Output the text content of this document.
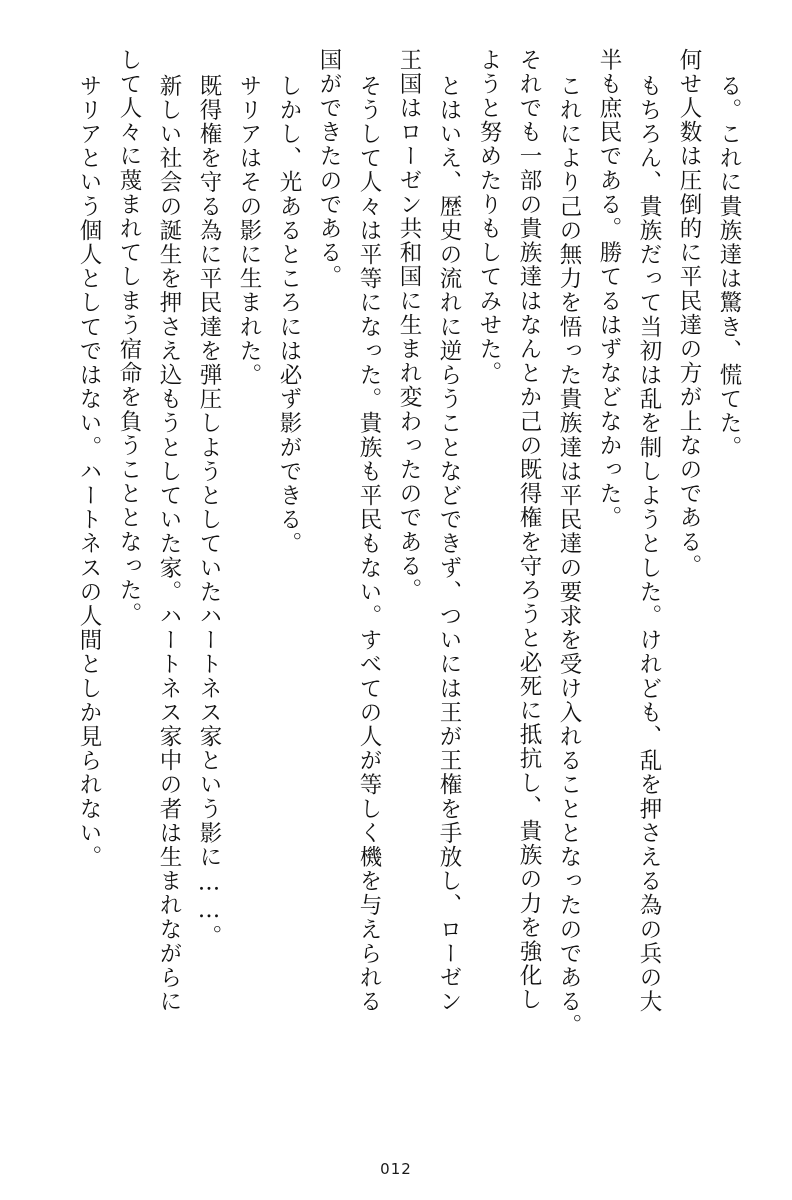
る。これに貴族達は驚き、慌てた。
何せ人数は圧倒的に平民達の方が上なのである。
もちろん、貴族だって当初は乱を制しようとした。けれども、乱を押さえる為の兵の大
半も庶民である。勝てるはずなどなかった。
これにより己の無力を悟った貴族達は平民達の要求を受け入れることとなったのである。
それでも一部の貴族達はなんとか己の既得権を守ろうと必死に抵抗し、貴族の力を強化し
ようと努めたりもしてみせた。
とはいえ、歴史の流れに逆らうことなどできず、ついには王が王権を手放し、ローゼン
王国はローゼン共和国に生まれ変わったのである。
そうして人々は平等になった。貴族も平民もない。すべての人が等しく機を与えられる
国ができたのである。
しかし、光あるところには必ず影ができる。
サリアはその影に生まれた。
既得権を守る為に平民達を弾圧しようとしていたハートネス家という影に……。
新しい社会の誕生を押さえ込もうとしていた家。ハートネス家中の者は生まれながらに
して人々に蔑まれてしまう宿命を負うこととなった。
サリアという個人としてではない。ハートネスの人間としか見られない。
012
